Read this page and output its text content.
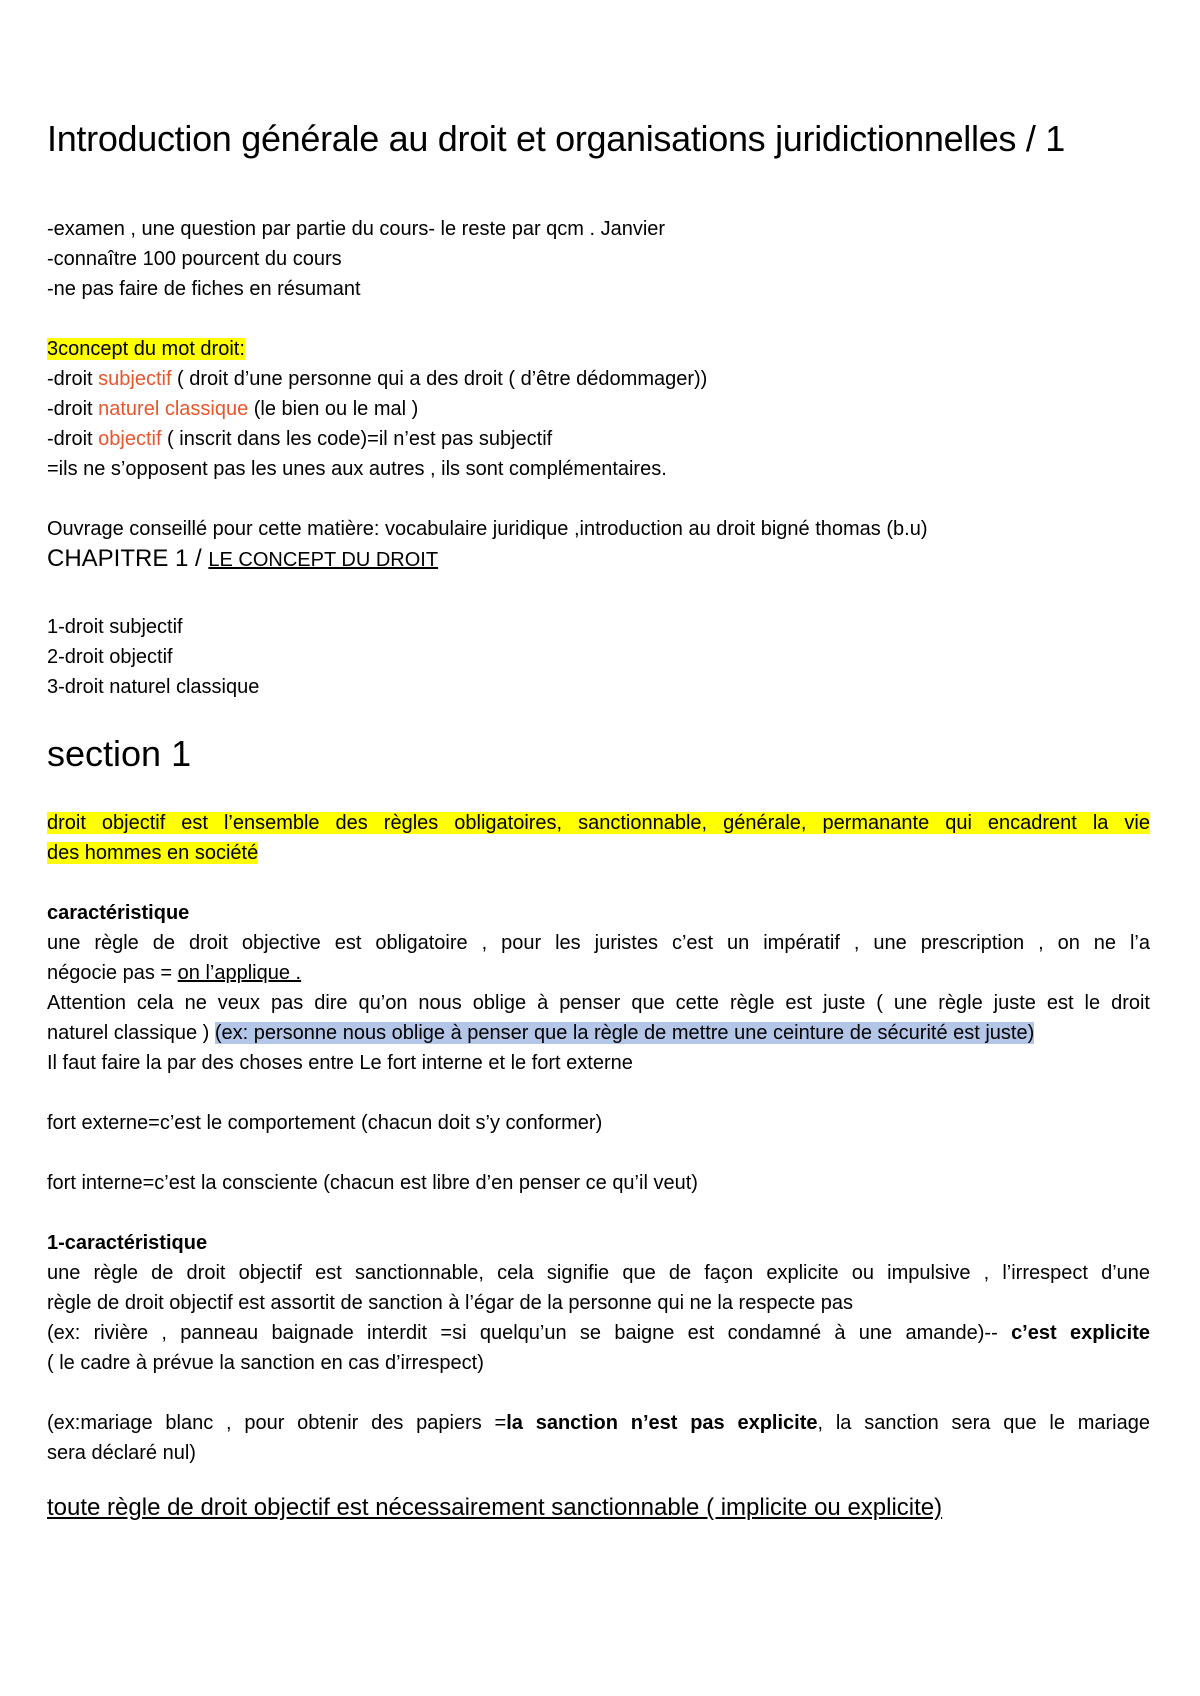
Introduction générale au droit et organisations juridictionnelles / 1
-examen , une question par partie du cours- le reste par qcm . Janvier
-connaître 100 pourcent du cours
-ne pas faire de fiches en résumant
3concept du mot droit:
-droit subjectif ( droit d’une personne qui a des droit ( d’être dédommager))
-droit naturel classique (le bien ou le mal )
-droit objectif ( inscrit dans les code)=il n’est pas subjectif
=ils ne s’opposent pas les unes aux autres , ils sont complémentaires.
Ouvrage conseillé pour cette matière: vocabulaire juridique ,introduction au droit bigné thomas (b.u)
CHAPITRE 1 / LE CONCEPT DU DROIT
1-droit subjectif
2-droit objectif
3-droit naturel classique
section 1
droit objectif est l’ensemble des règles obligatoires, sanctionnable, générale, permanante qui encadrent la vie
des hommes en société
caractéristique
une règle de droit objective est obligatoire , pour les juristes c’est un impératif , une prescription , on ne l’a
négocie pas = on l’applique .
Attention cela ne veux pas dire qu’on nous oblige à penser que cette règle est juste ( une règle juste est le droit
naturel classique ) (ex: personne nous oblige à penser que la règle de mettre une ceinture de sécurité est juste)
Il faut faire la par des choses entre Le fort interne et le fort externe
fort externe=c’est le comportement (chacun doit s’y conformer)
fort interne=c’est la consciente (chacun est libre d’en penser ce qu’il veut)
1-caractéristique
une règle de droit objectif est sanctionnable, cela signifie que de façon explicite ou impulsive , l’irrespect d’une
règle de droit objectif est assortit de sanction à l’égar de la personne qui ne la respecte pas
(ex: rivière , panneau baignade interdit =si quelqu’un se baigne est condamné à une amande)-- c’est explicite
( le cadre à prévue la sanction en cas d’irrespect)
(ex:mariage blanc , pour obtenir des papiers =la sanction n’est pas explicite, la sanction sera que le mariage
sera déclaré nul)
toute règle de droit objectif est nécessairement sanctionnable ( implicite ou explicite)
